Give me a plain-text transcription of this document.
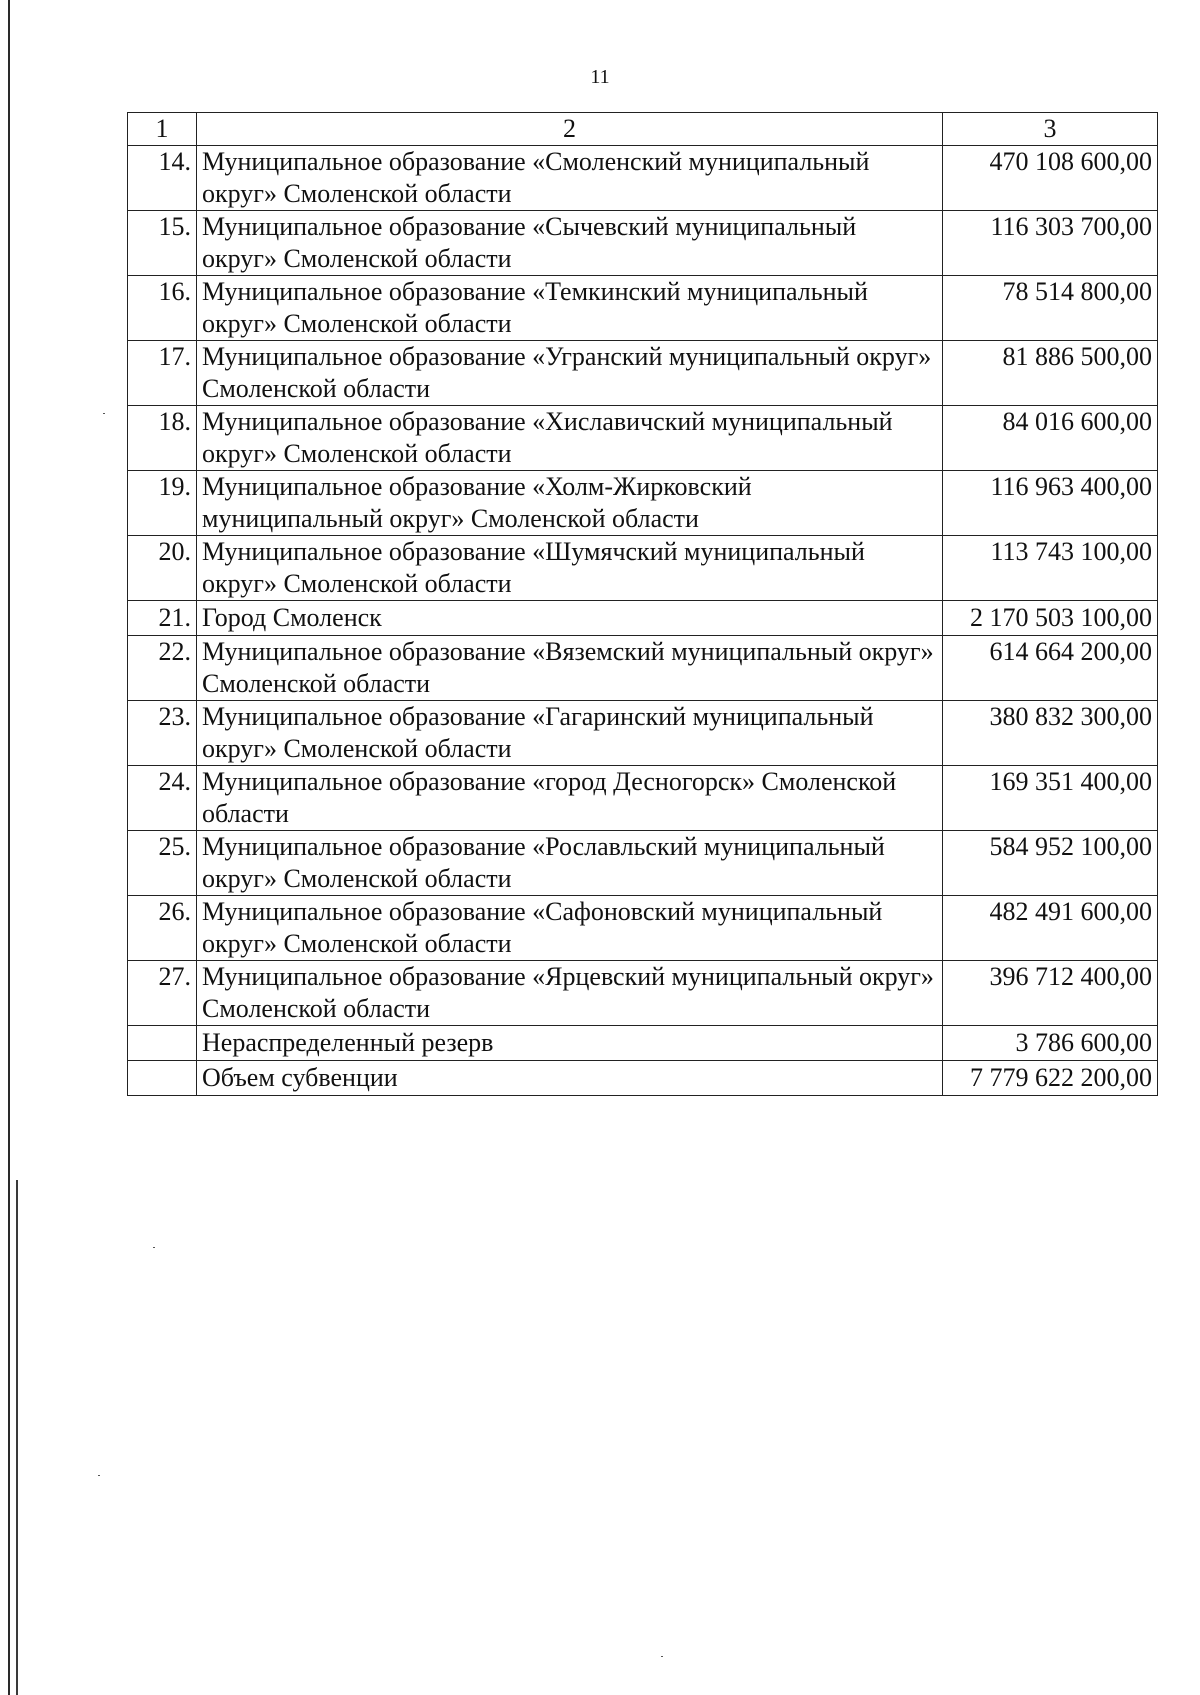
11
1	2	3
14.	Муниципальное образование «Смоленский муниципальный округ» Смоленской области	470 108 600,00
15.	Муниципальное образование «Сычевский муниципальный округ» Смоленской области	116 303 700,00
16.	Муниципальное образование «Темкинский муниципальный округ» Смоленской области	78 514 800,00
17.	Муниципальное образование «Угранский муниципальный округ» Смоленской области	81 886 500,00
18.	Муниципальное образование «Хиславичский муниципальный округ» Смоленской области	84 016 600,00
19.	Муниципальное образование «Холм-Жирковский муниципальный округ» Смоленской области	116 963 400,00
20.	Муниципальное образование «Шумячский муниципальный округ» Смоленской области	113 743 100,00
21.	Город Смоленск	2 170 503 100,00
22.	Муниципальное образование «Вяземский муниципальный округ» Смоленской области	614 664 200,00
23.	Муниципальное образование «Гагаринский муниципальный округ» Смоленской области	380 832 300,00
24.	Муниципальное образование «город Десногорск» Смоленской области	169 351 400,00
25.	Муниципальное образование «Рославльский муниципальный округ» Смоленской области	584 952 100,00
26.	Муниципальное образование «Сафоновский муниципальный округ» Смоленской области	482 491 600,00
27.	Муниципальное образование «Ярцевский муниципальный округ» Смоленской области	396 712 400,00
	Нераспределенный резерв	3 786 600,00
	Объем субвенции	7 779 622 200,00
